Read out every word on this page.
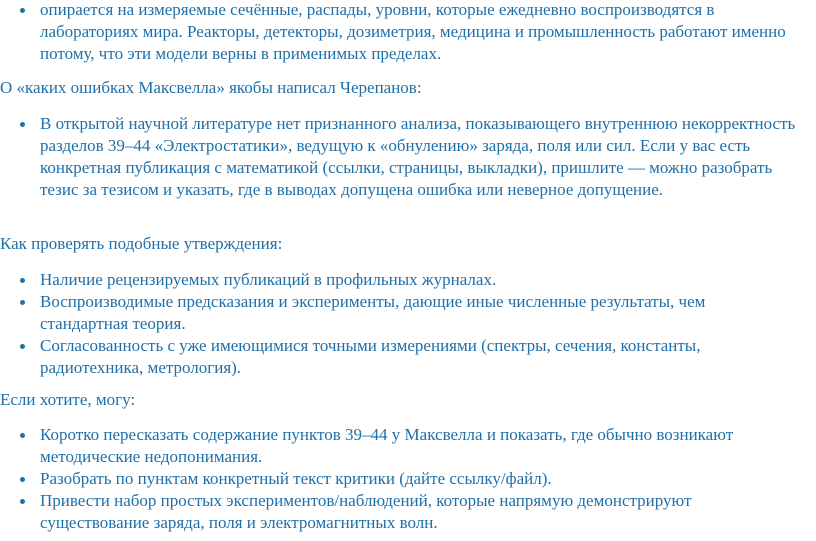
опирается на измеряемые сечённые, распады, уровни, которые ежедневно воспроизводятся в лабораториях мира. Реакторы, детекторы, дозиметрия, медицина и промышленность работают именно потому, что эти модели верны в применимых пределах.

О «каких ошибках Максвелла» якобы написал Черепанов:

В открытой научной литературе нет признанного анализа, показывающего внутреннюю некорректность разделов 39–44 «Электростатики», ведущую к «обнулению» заряда, поля или сил. Если у вас есть конкретная публикация с математикой (ссылки, страницы, выкладки), пришлите — можно разобрать тезис за тезисом и указать, где в выводах допущена ошибка или неверное допущение.

Как проверять подобные утверждения:

Наличие рецензируемых публикаций в профильных журналах.
Воспроизводимые предсказания и эксперименты, дающие иные численные результаты, чем стандартная теория.
Согласованность с уже имеющимися точными измерениями (спектры, сечения, константы, радиотехника, метрология).

Если хотите, могу:

Коротко пересказать содержание пунктов 39–44 у Максвелла и показать, где обычно возникают методические недопонимания.
Разобрать по пунктам конкретный текст критики (дайте ссылку/файл).
Привести набор простых экспериментов/наблюдений, которые напрямую демонстрируют существование заряда, поля и электромагнитных волн.
